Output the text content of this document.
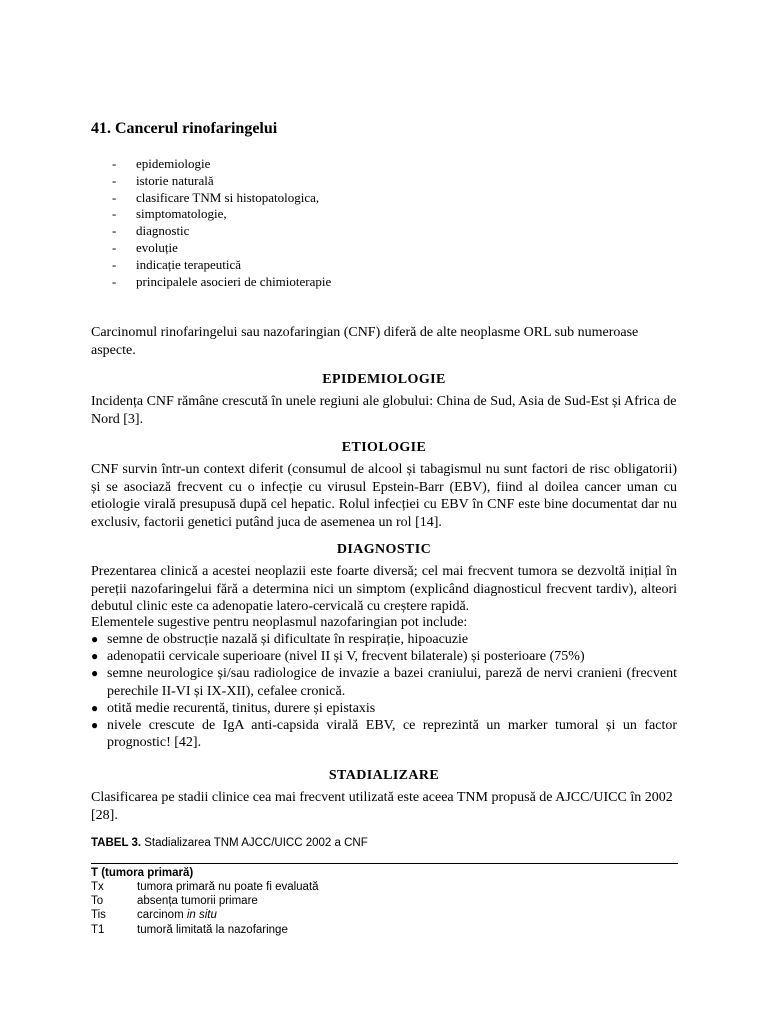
41. Cancerul rinofaringelui
-	epidemiologie
-	istorie naturală
-	clasificare TNM si histopatologica,
-	simptomatologie,
-	diagnostic
-	evoluție
-	indicație terapeutică
-	principalele asocieri de chimioterapie

Carcinomul rinofaringelui sau nazofaringian (CNF) diferă de alte neoplasme ORL sub numeroase aspecte.

EPIDEMIOLOGIE

Incidența CNF rămâne crescută în unele regiuni ale globului: China de Sud, Asia de Sud-Est și Africa de Nord [3].

ETIOLOGIE

CNF survin într-un context diferit (consumul de alcool și tabagismul nu sunt factori de risc obligatorii) și se asociază frecvent cu o infecție cu virusul Epstein-Barr (EBV), fiind al doilea cancer uman cu etiologie virală presupusă după cel hepatic. Rolul infecției cu EBV în CNF este bine documentat dar nu exclusiv, factorii genetici putând juca de asemenea un rol [14].

DIAGNOSTIC

Prezentarea clinică a acestei neoplazii este foarte diversă; cel mai frecvent tumora se dezvoltă inițial în pereții nazofaringelui fără a determina nici un simptom (explicând diagnosticul frecvent tardiv), alteori debutul clinic este ca adenopatie latero-cervicală cu creștere rapidă.

Elementele sugestive pentru neoplasmul nazofaringian pot include:

● semne de obstrucție nazală și dificultate în respirație, hipoacuzie
● adenopatii cervicale superioare (nivel II și V, frecvent bilaterale) și posterioare (75%)
● semne neurologice și/sau radiologice de invazie a bazei craniului, pareză de nervi cranieni (frecvent perechile II-VI și IX-XII), cefalee cronică.
● otită medie recurentă, tinitus, durere și epistaxis
● nivele crescute de IgA anti-capsida virală EBV, ce reprezintă un marker tumoral și un factor prognostic! [42].
STADIALIZARE

Clasificarea pe stadii clinice cea mai frecvent utilizată este aceea TNM propusă de AJCC/UICC în 2002 [28].

TABEL 3. Stadializarea TNM AJCC/UICC 2002 a CNF
T (tumora primară)
Tx	tumora primară nu poate fi evaluată
To	absența tumorii primare
Tis	carcinom in situ
T1	tumoră limitată la nazofaringe
